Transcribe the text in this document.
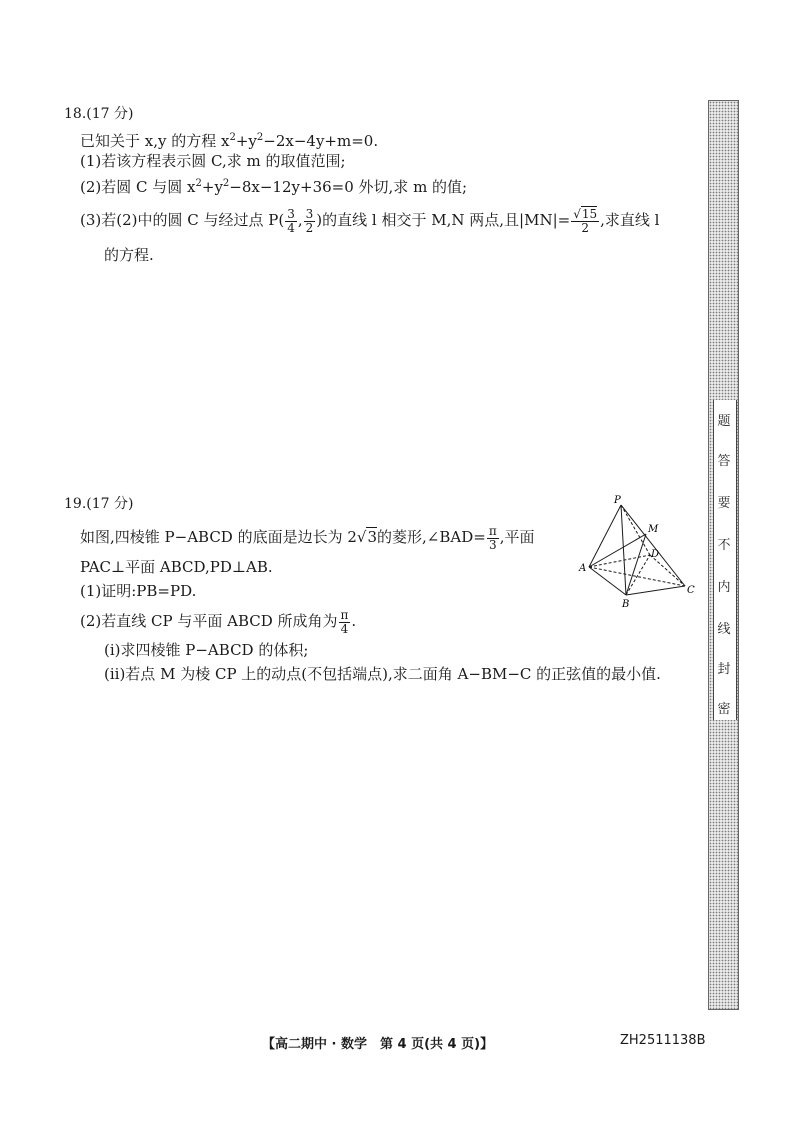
18.(17 分)
已知关于 x,y 的方程 $x^2+y^2-2x-4y+m=0$.
(1)若该方程表示圆 C,求 m 的取值范围;
(2)若圆 C 与圆 $x^2+y^2-8x-12y+36=0$ 外切,求 m 的值;
(3)若(2)中的圆 C 与经过点 $P( \frac{3}{4}$ , $\frac{3}{2}$ )的直线 l 相交于 M,N 两点,且$|MN|= \frac{√15}{2}$ ,求直线 l
的方程.
19.(17 分)
如图,四棱锥 P−ABCD 的底面是边长为 2√3的菱形,∠BAD= $\frac{\pi}{3}$ ,平面
PAC⊥平面 ABCD,PD⊥AB.
(1)证明:PB=PD.
(2)若直线 CP 与平面 ABCD 所成角为 $\frac{\pi}{4}$ .
(ⅰ)求四棱锥 P−ABCD 的体积;
(ⅱ)若点 M 为棱 CP 上的动点(不包括端点),求二面角 A−BM−C 的正弦值的最小值.
P
M
D
A
B
C
题
答
要
不
内
线
封
密
【高二期中 · 数学　第 4 页(共 4 页)】	ZH2511138B
